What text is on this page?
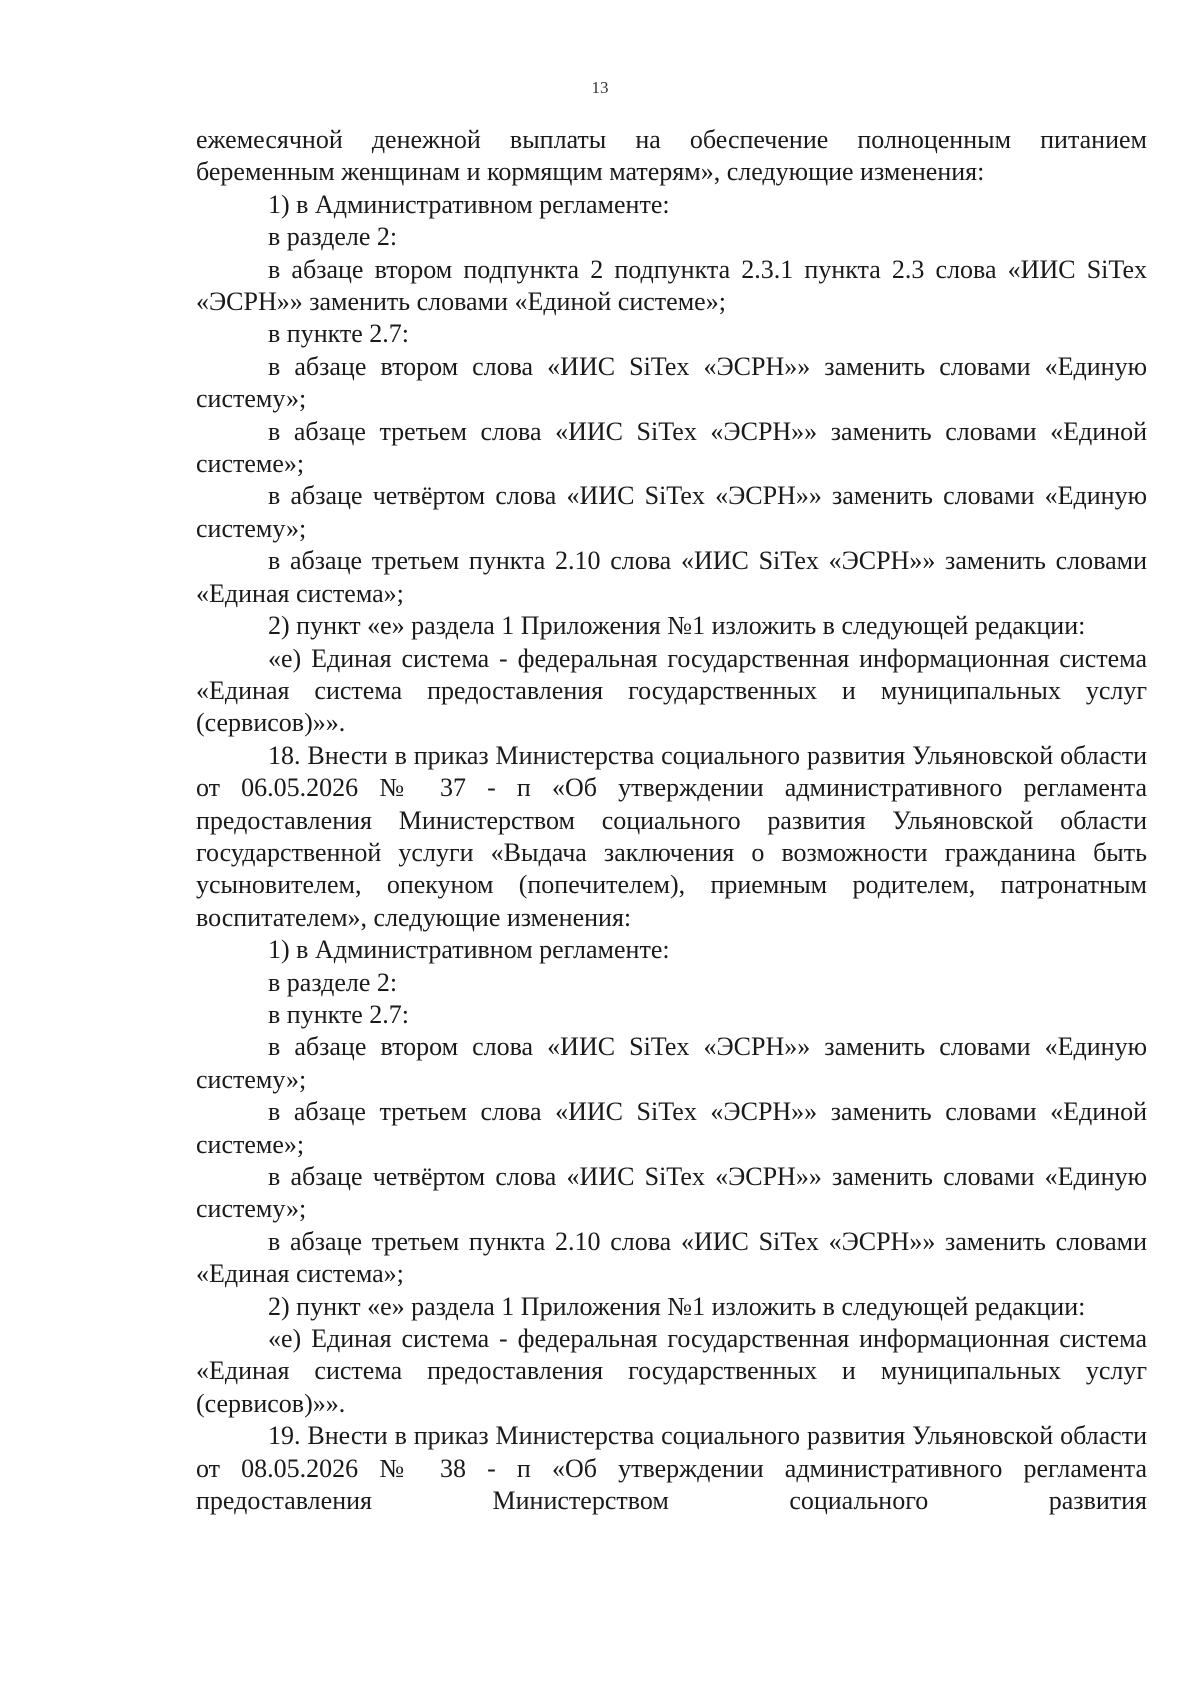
13

ежемесячной денежной выплаты на обеспечение полноценным питанием беременным женщинам и кормящим матерям», следующие изменения:

1) в Административном регламенте:

в разделе 2:

в абзаце втором подпункта 2 подпункта 2.3.1 пункта 2.3 слова «ИИС SiTex «ЭСРН»» заменить словами «Единой системе»;

в пункте 2.7:

в абзаце втором слова «ИИС SiTex «ЭСРН»» заменить словами «Единую систему»;

в абзаце третьем слова «ИИС SiTex «ЭСРН»» заменить словами «Единой системе»;

в абзаце четвёртом слова «ИИС SiTex «ЭСРН»» заменить словами «Единую систему»;

в абзаце третьем пункта 2.10 слова «ИИС SiTex «ЭСРН»» заменить словами «Единая система»;

2) пункт «е» раздела 1 Приложения №1 изложить в следующей редакции:

«е) Единая система - федеральная государственная информационная система «Единая система предоставления государственных и муниципальных услуг (сервисов)»».

18. Внести в приказ Министерства социального развития Ульяновской области от 06.05.2026 № 37 - п «Об утверждении административного регламента предоставления Министерством социального развития Ульяновской области государственной услуги «Выдача заключения о возможности гражданина быть усыновителем, опекуном (попечителем), приемным родителем, патронатным воспитателем», следующие изменения:

1) в Административном регламенте:

в разделе 2:

в пункте 2.7:

в абзаце втором слова «ИИС SiTex «ЭСРН»» заменить словами «Единую систему»;

в абзаце третьем слова «ИИС SiTex «ЭСРН»» заменить словами «Единой системе»;

в абзаце четвёртом слова «ИИС SiTex «ЭСРН»» заменить словами «Единую систему»;

в абзаце третьем пункта 2.10 слова «ИИС SiTex «ЭСРН»» заменить словами «Единая система»;

2) пункт «е» раздела 1 Приложения №1 изложить в следующей редакции:

«е) Единая система - федеральная государственная информационная система «Единая система предоставления государственных и муниципальных услуг (сервисов)»».

19. Внести в приказ Министерства социального развития Ульяновской области от 08.05.2026 № 38 - п «Об утверждении административного регламента предоставления Министерством социального развития
